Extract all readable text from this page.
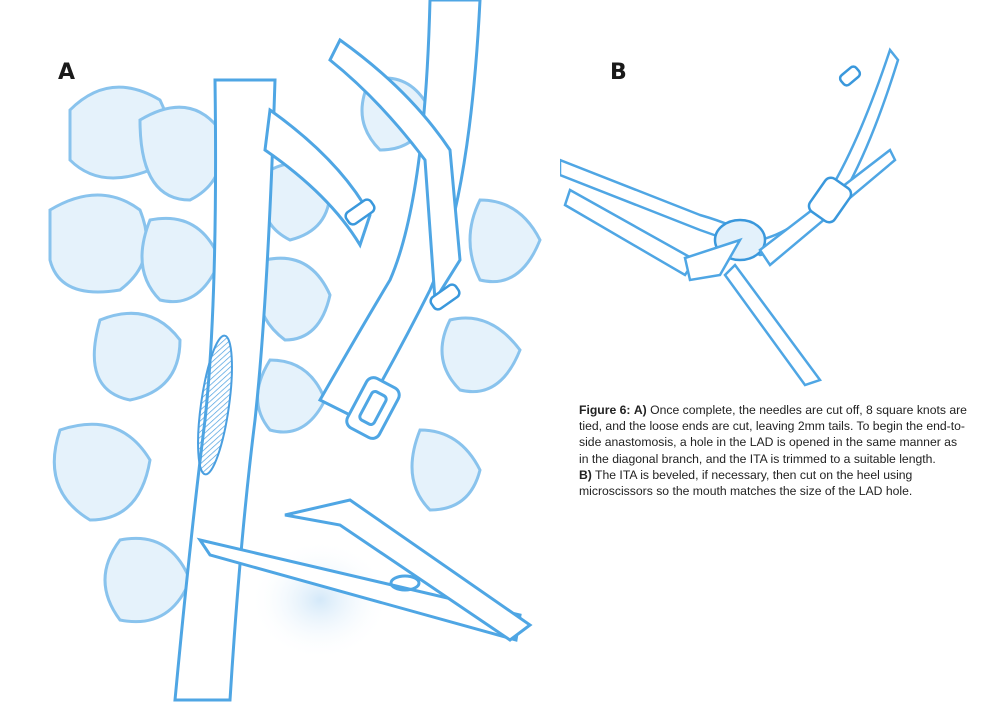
A	B

Figure 6: A) Once complete, the needles are cut off, 8 square knots are tied, and the loose ends are cut, leaving 2mm tails. To begin the end-to-side anastomosis, a hole in the LAD is opened in the same manner as in the diagonal branch, and the ITA is trimmed to a suitable length.

B) The ITA is beveled, if necessary, then cut on the heel using microscissors so the mouth matches the size of the LAD hole.
